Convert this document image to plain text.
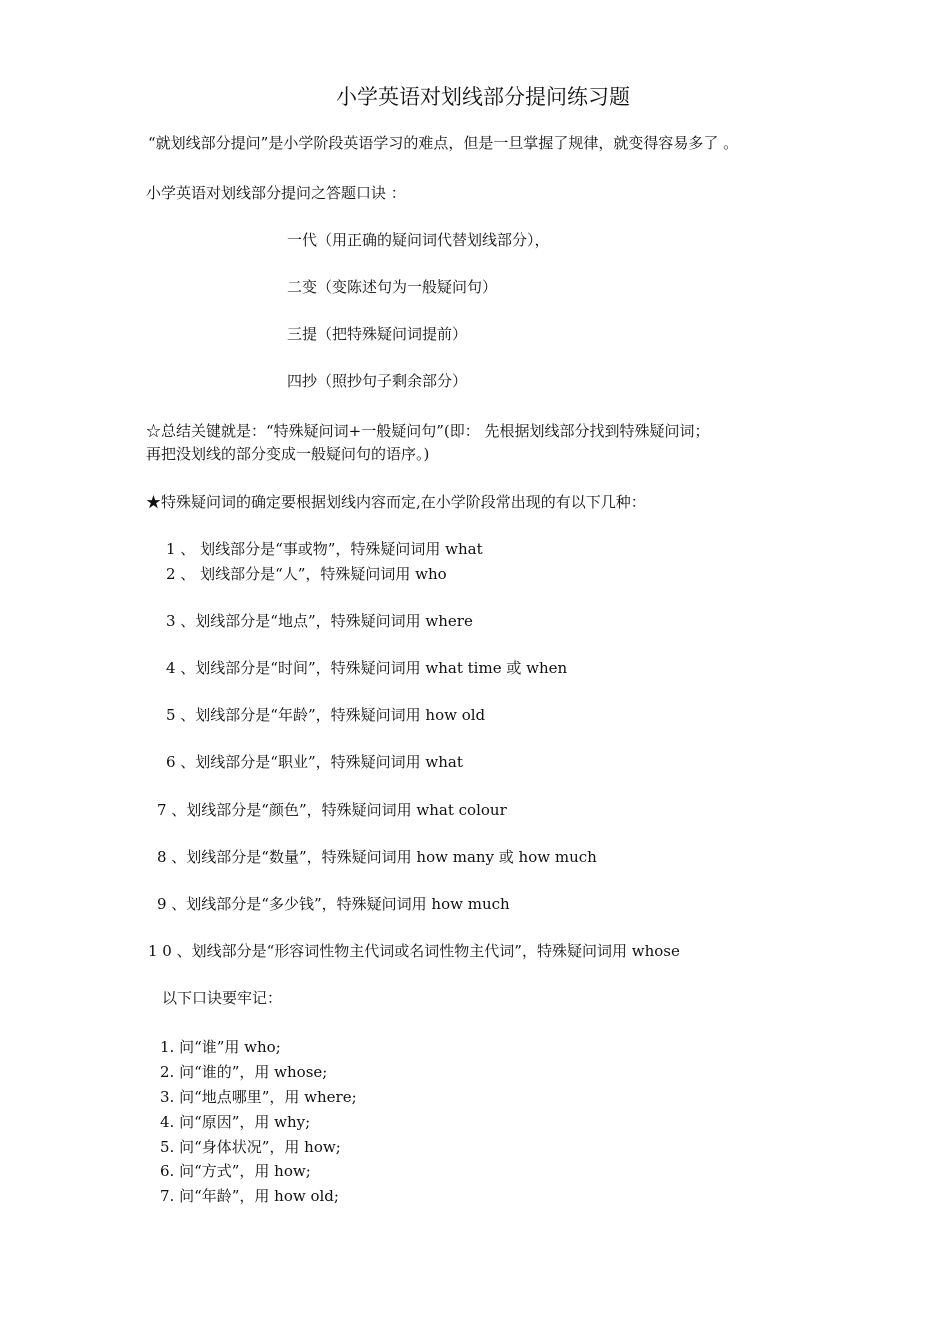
小学英语对划线部分提问练习题
“就划线部分提问”是小学阶段英语学习的难点，但是一旦掌握了规律，就变得容易多了 。
小学英语对划线部分提问之答题口诀 ：
一代（用正确的疑问词代替划线部分），
二变（变陈述句为一般疑问句）
三提（把特殊疑问词提前）
四抄（照抄句子剩余部分）
☆总结关键就是：“特殊疑问词+一般疑问句”(即： 先根据划线部分找到特殊疑问词；
再把没划线的部分变成一般疑问句的语序。)
★特殊疑问词的确定要根据划线内容而定,在小学阶段常出现的有以下几种：
1 、 划线部分是“事或物”，特殊疑问词用 what
2 、 划线部分是“人”，特殊疑问词用 who
3 、划线部分是“地点”，特殊疑问词用 where
4 、划线部分是“时间”，特殊疑问词用 what time 或 when
5 、划线部分是“年龄”，特殊疑问词用 how old
6 、划线部分是“职业”，特殊疑问词用 what
7 、划线部分是“颜色”，特殊疑问词用 what colour
8 、划线部分是“数量”，特殊疑问词用 how many 或 how much
9 、划线部分是“多少钱”，特殊疑问词用 how much
1 0 、划线部分是“形容词性物主代词或名词性物主代词”，特殊疑问词用 whose
以下口诀要牢记：
1. 问“谁”用 who;
2. 问“谁的”，用 whose;
3. 问“地点哪里”，用 where;
4. 问“原因”，用 why;
5. 问“身体状况”，用 how;
6. 问“方式”，用 how;
7. 问“年龄”，用 how old;
